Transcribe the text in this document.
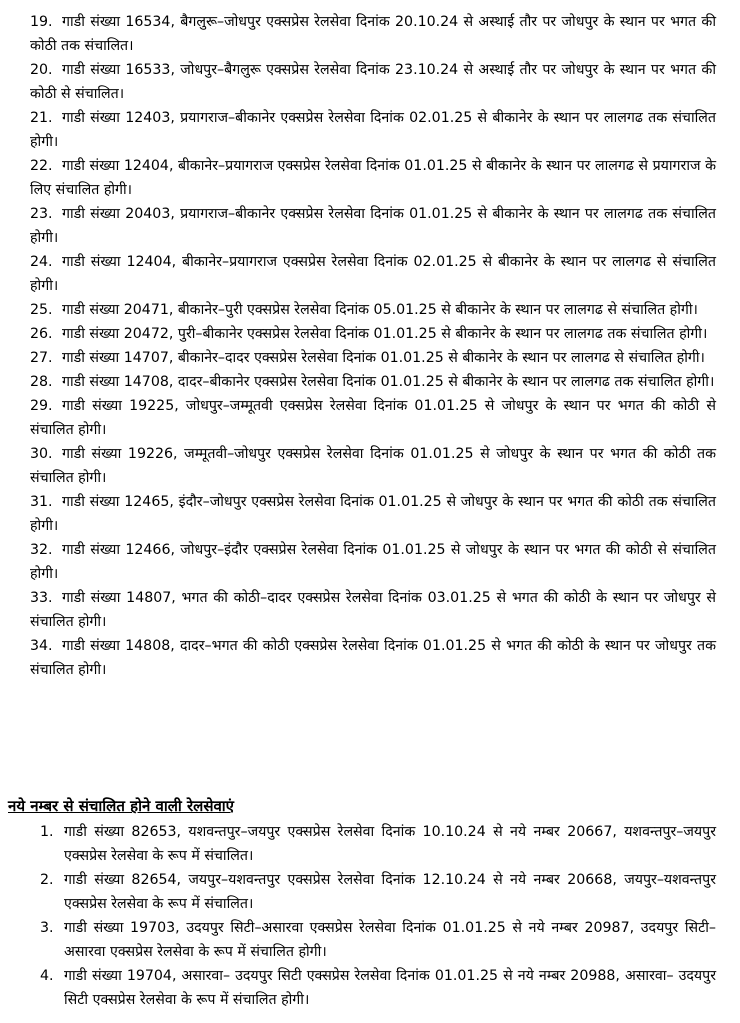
19. गाडी संख्या 16534, बैगलुरू–जोधपुर एक्सप्रेस रेलसेवा दिनांक 20.10.24 से अस्थाई तौर पर जोधपुर के स्थान पर भगत की कोठी तक संचालित।
20. गाडी संख्या 16533, जोधपुर–बैगलुरू एक्सप्रेस रेलसेवा दिनांक 23.10.24 से अस्थाई तौर पर जोधपुर के स्थान पर भगत की कोठी से संचालित।
21. गाडी संख्या 12403, प्रयागराज–बीकानेर एक्सप्रेस रेलसेवा दिनांक 02.01.25 से बीकानेर के स्थान पर लालगढ तक संचालित होगी।
22. गाडी संख्या 12404, बीकानेर–प्रयागराज एक्सप्रेस रेलसेवा दिनांक 01.01.25 से बीकानेर के स्थान पर लालगढ से प्रयागराज के लिए संचालित होगी।
23. गाडी संख्या 20403, प्रयागराज–बीकानेर एक्सप्रेस रेलसेवा दिनांक 01.01.25 से बीकानेर के स्थान पर लालगढ तक संचालित होगी।
24. गाडी संख्या 12404, बीकानेर–प्रयागराज एक्सप्रेस रेलसेवा दिनांक 02.01.25 से बीकानेर के स्थान पर लालगढ से संचालित होगी।
25. गाडी संख्या 20471, बीकानेर–पुरी एक्सप्रेस रेलसेवा दिनांक 05.01.25 से बीकानेर के स्थान पर लालगढ से संचालित होगी।
26. गाडी संख्या 20472, पुरी–बीकानेर एक्सप्रेस रेलसेवा दिनांक 01.01.25 से बीकानेर के स्थान पर लालगढ तक संचालित होगी।
27. गाडी संख्या 14707, बीकानेर–दादर एक्सप्रेस रेलसेवा दिनांक 01.01.25 से बीकानेर के स्थान पर लालगढ से संचालित होगी।
28. गाडी संख्या 14708, दादर–बीकानेर एक्सप्रेस रेलसेवा दिनांक 01.01.25 से बीकानेर के स्थान पर लालगढ तक संचालित होगी।
29. गाडी संख्या 19225, जोधपुर–जम्मूतवी एक्सप्रेस रेलसेवा दिनांक 01.01.25 से जोधपुर के स्थान पर भगत की कोठी से संचालित होगी।
30. गाडी संख्या 19226, जम्मूतवी–जोधपुर एक्सप्रेस रेलसेवा दिनांक 01.01.25 से जोधपुर के स्थान पर भगत की कोठी तक संचालित होगी।
31. गाडी संख्या 12465, इंदौर–जोधपुर एक्सप्रेस रेलसेवा दिनांक 01.01.25 से जोधपुर के स्थान पर भगत की कोठी तक संचालित होगी।
32. गाडी संख्या 12466, जोधपुर–इंदौर एक्सप्रेस रेलसेवा दिनांक 01.01.25 से जोधपुर के स्थान पर भगत की कोठी से संचालित होगी।
33. गाडी संख्या 14807, भगत की कोठी–दादर एक्सप्रेस रेलसेवा दिनांक 03.01.25 से भगत की कोठी के स्थान पर जोधपुर से संचालित होगी।
34. गाडी संख्या 14808, दादर–भगत की कोठी एक्सप्रेस रेलसेवा दिनांक 01.01.25 से भगत की कोठी के स्थान पर जोधपुर तक संचालित होगी।
नये नम्बर से संचालित होने वाली रेलसेवाएं
1. गाडी संख्या 82653, यशवन्तपुर–जयपुर एक्सप्रेस रेलसेवा दिनांक 10.10.24 से नये नम्बर 20667, यशवन्तपुर–जयपुर एक्सप्रेस रेलसेवा के रूप में संचालित।
2. गाडी संख्या 82654, जयपुर–यशवन्तपुर एक्सप्रेस रेलसेवा दिनांक 12.10.24 से नये नम्बर 20668, जयपुर–यशवन्तपुर एक्सप्रेस रेलसेवा के रूप में संचालित।
3. गाडी संख्या 19703, उदयपुर सिटी–असारवा एक्सप्रेस रेलसेवा दिनांक 01.01.25 से नये नम्बर 20987, उदयपुर सिटी–असारवा एक्सप्रेस रेलसेवा के रूप में संचालित होगी।
4. गाडी संख्या 19704, असारवा– उदयपुर सिटी एक्सप्रेस रेलसेवा दिनांक 01.01.25 से नये नम्बर 20988, असारवा– उदयपुर सिटी एक्सप्रेस रेलसेवा के रूप में संचालित होगी।
